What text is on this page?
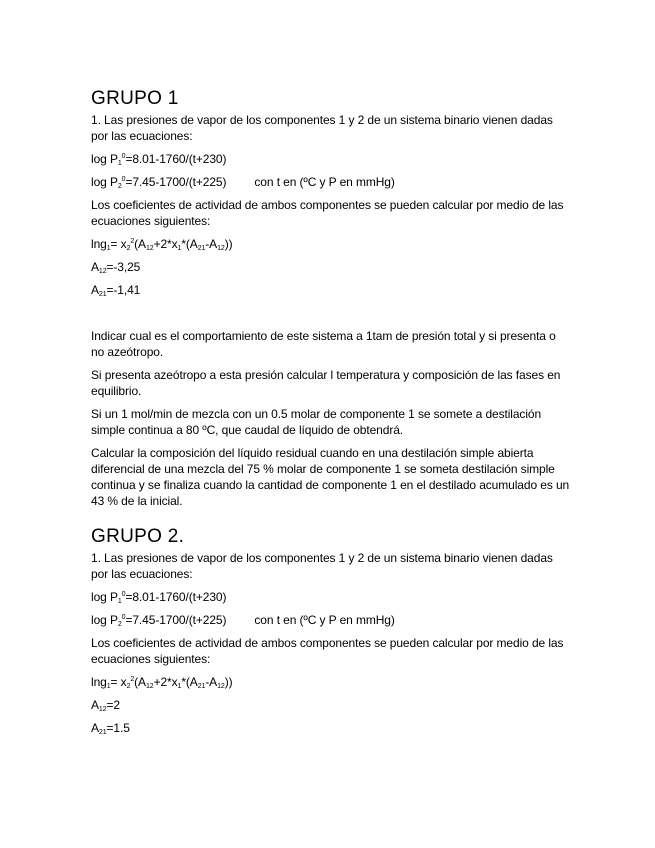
GRUPO 1
1. Las presiones de vapor de los componentes 1 y 2 de un sistema binario vienen dadas por las ecuaciones:
$\log P_1^0=8.01-1760/(t+230)$
$\log P_2^0=7.45-1700/(t+225)$ con t en (ºC y P en mmHg)
Los coeficientes de actividad de ambos componentes se pueden calcular por medio de las ecuaciones siguientes:
$\ln g_1= x_2^2(A_{12}+2*x_1*(A_{21}-A_{12}))$
$A_{12}=-3,25$
$A_{21}=-1,41$
Indicar cual es el comportamiento de este sistema a 1tam de presión total y si presenta o no azeótropo.
Si presenta azeótropo a esta presión calcular l temperatura y composición de las fases en equilibrio.
Si un 1 mol/min de mezcla con un 0.5 molar de componente 1 se somete a destilación simple continua a 80 ºC, que caudal de líquido de obtendrá.
Calcular la composición del líquido residual cuando en una destilación simple abierta diferencial de una mezcla del 75 % molar de componente 1 se someta destilación simple continua y se finaliza cuando la cantidad de componente 1 en el destilado acumulado es un 43 % de la inicial.
GRUPO 2.
1. Las presiones de vapor de los componentes 1 y 2 de un sistema binario vienen dadas por las ecuaciones:
$\log P_1^0=8.01-1760/(t+230)$
$\log P_2^0=7.45-1700/(t+225)$ con t en (ºC y P en mmHg)
Los coeficientes de actividad de ambos componentes se pueden calcular por medio de las ecuaciones siguientes:
$\ln g_1= x_2^2(A_{12}+2*x_1*(A_{21}-A_{12}))$
$A_{12}=2$
$A_{21}=1.5$
